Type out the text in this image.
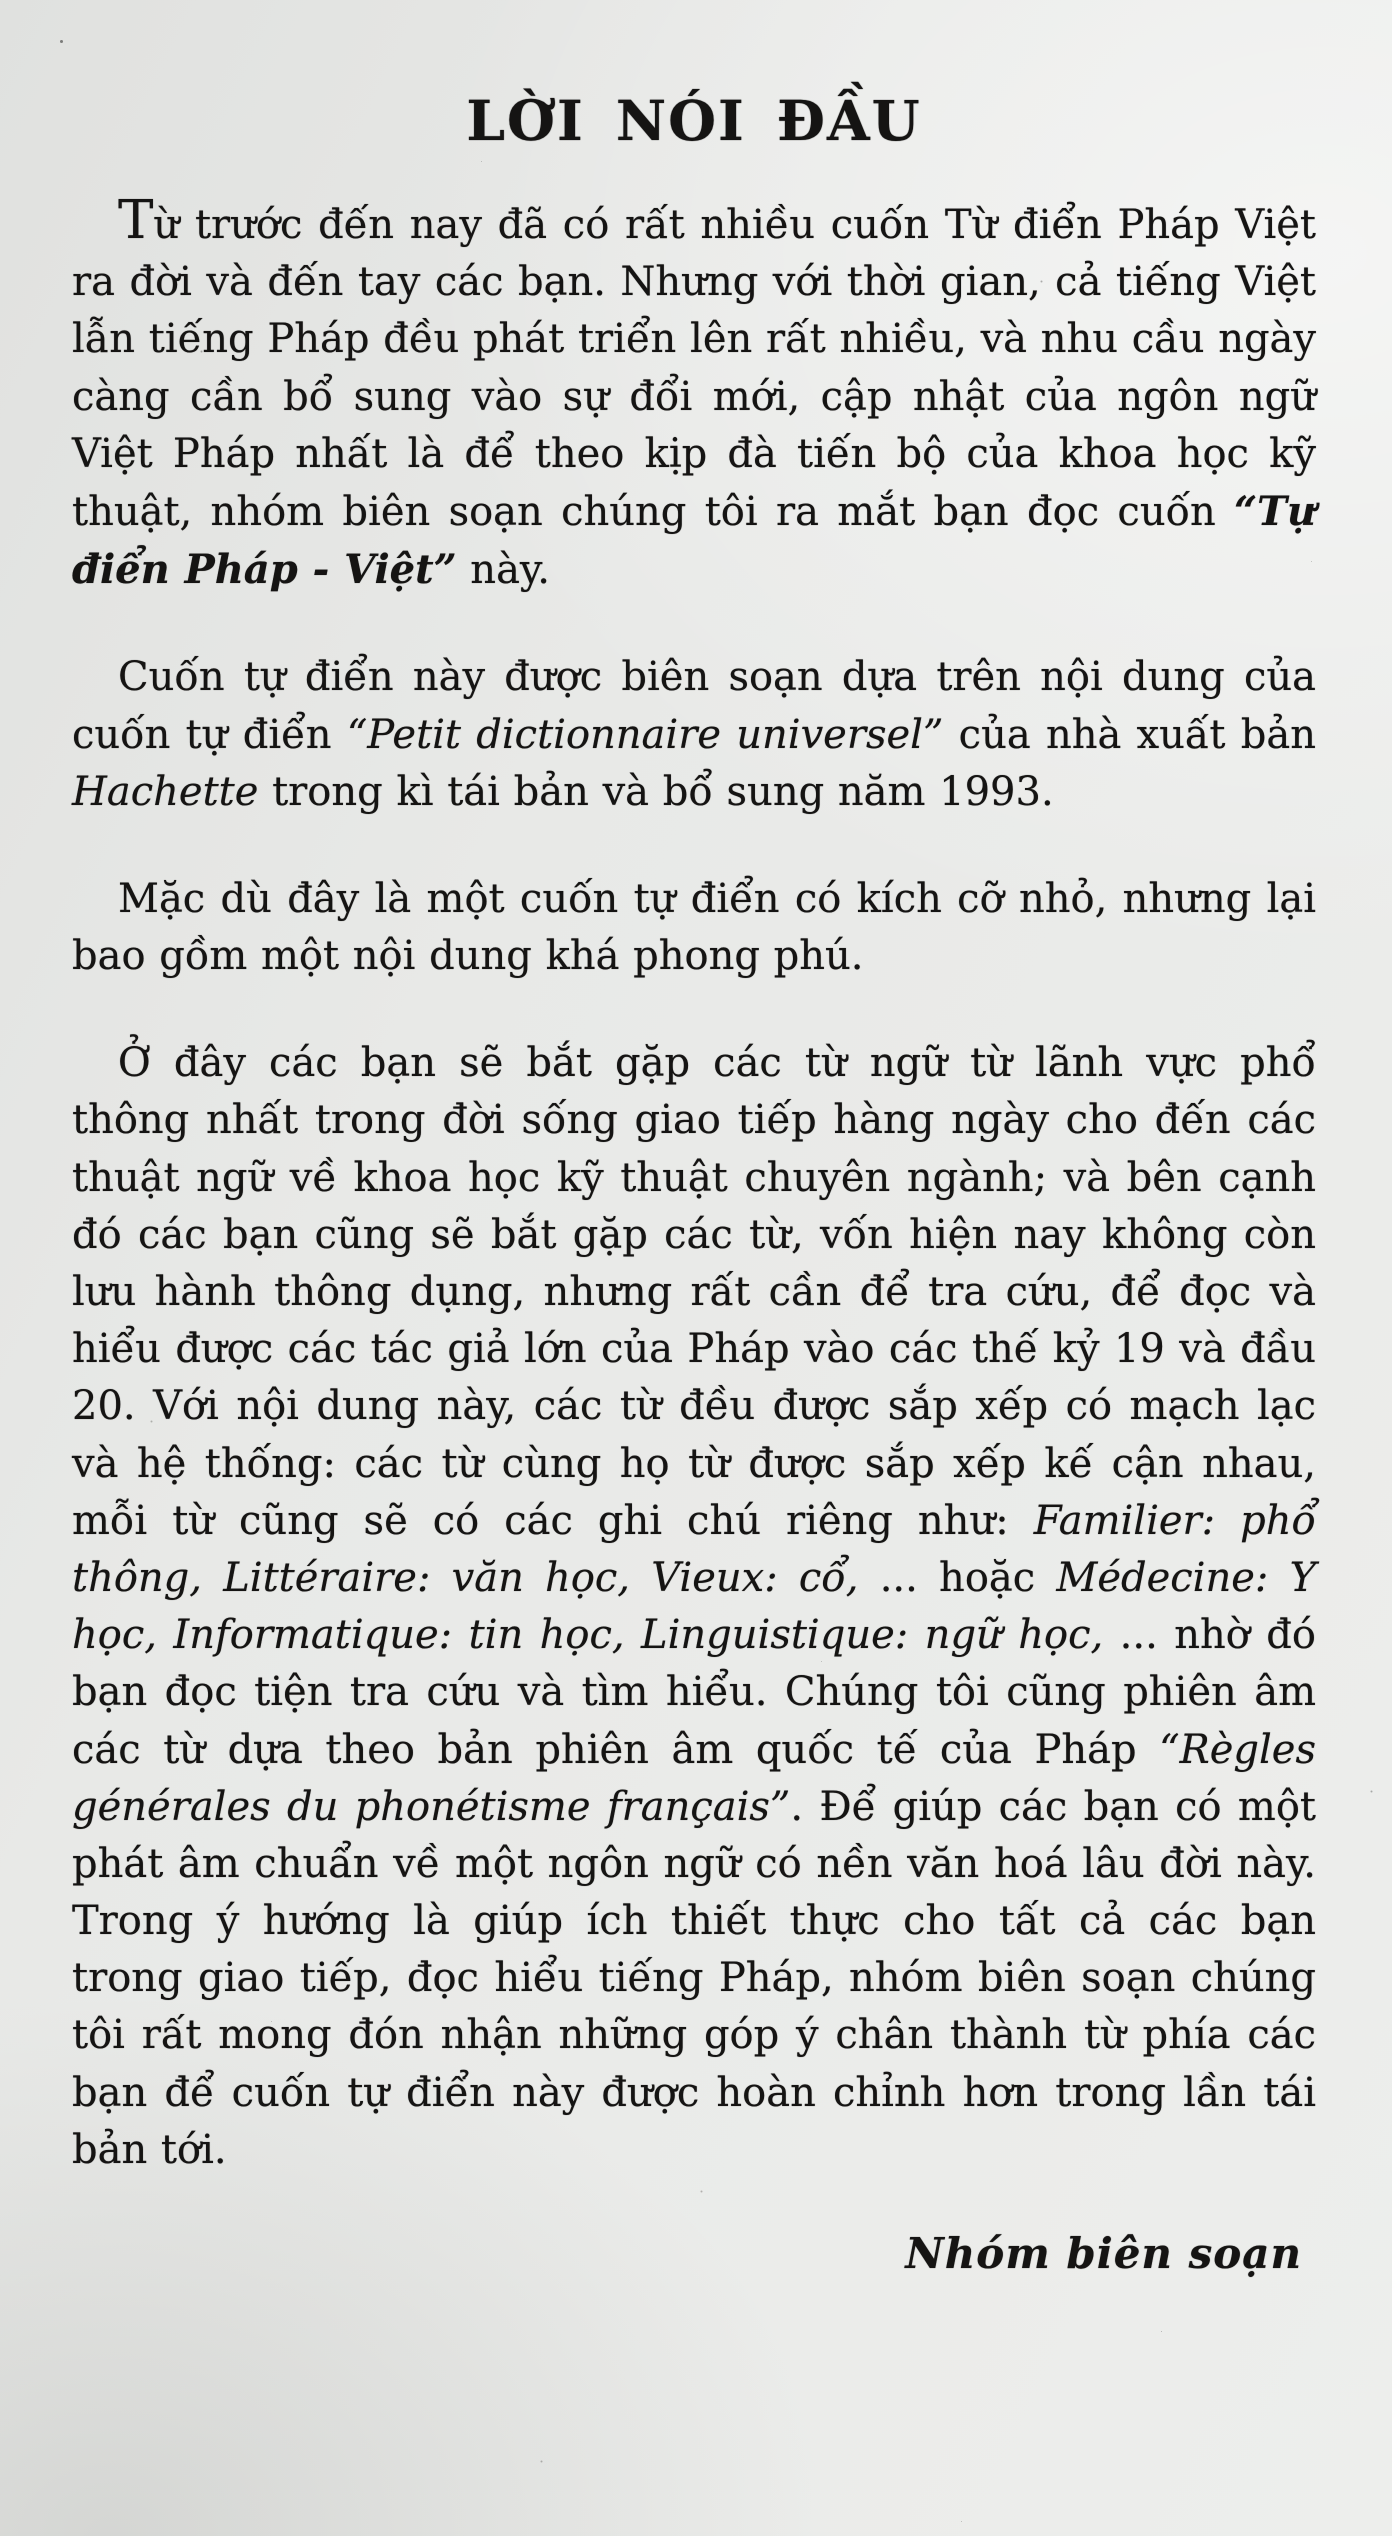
LỜI NÓI ĐẦU

Từ trước đến nay đã có rất nhiều cuốn Từ điển Pháp Việt ra đời và đến tay các bạn. Nhưng với thời gian, cả tiếng Việt lẫn tiếng Pháp đều phát triển lên rất nhiều, và nhu cầu ngày càng cần bổ sung vào sự đổi mới, cập nhật của ngôn ngữ Việt Pháp nhất là để theo kịp đà tiến bộ của khoa học kỹ thuật, nhóm biên soạn chúng tôi ra mắt bạn đọc cuốn “Tự điển Pháp - Việt” này.

Cuốn tự điển này được biên soạn dựa trên nội dung của cuốn tự điển “Petit dictionnaire universel” của nhà xuất bản Hachette trong kì tái bản và bổ sung năm 1993.

Mặc dù đây là một cuốn tự điển có kích cỡ nhỏ, nhưng lại bao gồm một nội dung khá phong phú.

Ở đây các bạn sẽ bắt gặp các từ ngữ từ lãnh vực phổ thông nhất trong đời sống giao tiếp hàng ngày cho đến các thuật ngữ về khoa học kỹ thuật chuyên ngành; và bên cạnh đó các bạn cũng sẽ bắt gặp các từ, vốn hiện nay không còn lưu hành thông dụng, nhưng rất cần để tra cứu, để đọc và hiểu được các tác giả lớn của Pháp vào các thế kỷ 19 và đầu 20. Với nội dung này, các từ đều được sắp xếp có mạch lạc và hệ thống: các từ cùng họ từ được sắp xếp kế cận nhau, mỗi từ cũng sẽ có các ghi chú riêng như: Familier: phổ thông, Littéraire: văn học, Vieux: cổ, ... hoặc Médecine: Y học, Informatique: tin học, Linguistique: ngữ học, ... nhờ đó bạn đọc tiện tra cứu và tìm hiểu. Chúng tôi cũng phiên âm các từ dựa theo bản phiên âm quốc tế của Pháp “Règles générales du phonétisme français”. Để giúp các bạn có một phát âm chuẩn về một ngôn ngữ có nền văn hoá lâu đời này. Trong ý hướng là giúp ích thiết thực cho tất cả các bạn trong giao tiếp, đọc hiểu tiếng Pháp, nhóm biên soạn chúng tôi rất mong đón nhận những góp ý chân thành từ phía các bạn để cuốn tự điển này được hoàn chỉnh hơn trong lần tái bản tới.

Nhóm biên soạn
